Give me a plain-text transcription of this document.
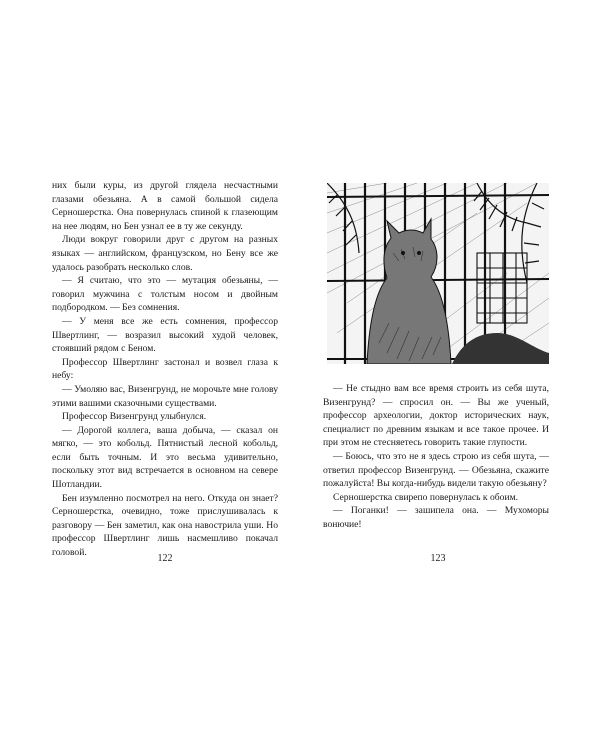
них были куры, из другой глядела несчастными глазами обезьяна. А в самой большой сидела Серношерстка. Она повернулась спиной к глазеющим на нее людям, но Бен узнал ее в ту же секунду.

Люди вокруг говорили друг с другом на разных языках — английском, французском, но Бену все же удалось разобрать несколько слов.

— Я считаю, что это — мутация обезьяны, — говорил мужчина с толстым носом и двойным подбородком. — Без сомнения.

— У меня все же есть сомнения, профессор Швертлинг, — возразил высокий худой человек, стоявший рядом с Беном.

Профессор Швертлинг застонал и возвел глаза к небу:

— Умоляю вас, Визенгрунд, не морочьте мне голову этими вашими сказочными существами.

Профессор Визенгрунд улыбнулся.

— Дорогой коллега, ваша добыча, — сказал он мягко, — это кобольд. Пятнистый лесной кобольд, если быть точным. И это весьма удивительно, поскольку этот вид встречается в основном на севере Шотландии.

Бен изумленно посмотрел на него. Откуда он знает? Серношерстка, очевидно, тоже прислушивалась к разговору — Бен заметил, как она навострила уши. Но профессор Швертлинг лишь насмешливо покачал головой.

122

— Не стыдно вам все время строить из себя шута, Визенгрунд? — спросил он. — Вы же ученый, профессор археологии, доктор исторических наук, специалист по древним языкам и все такое прочее. И при этом не стесняетесь говорить такие глупости.

— Боюсь, что это не я здесь строю из себя шута, — ответил профессор Визенгрунд. — Обезьяна, скажите пожалуйста! Вы когда-нибудь видели такую обезьяну?

Серношерстка свирепо повернулась к обоим.

— Поганки! — зашипела она. — Мухоморы вонючие!

123
